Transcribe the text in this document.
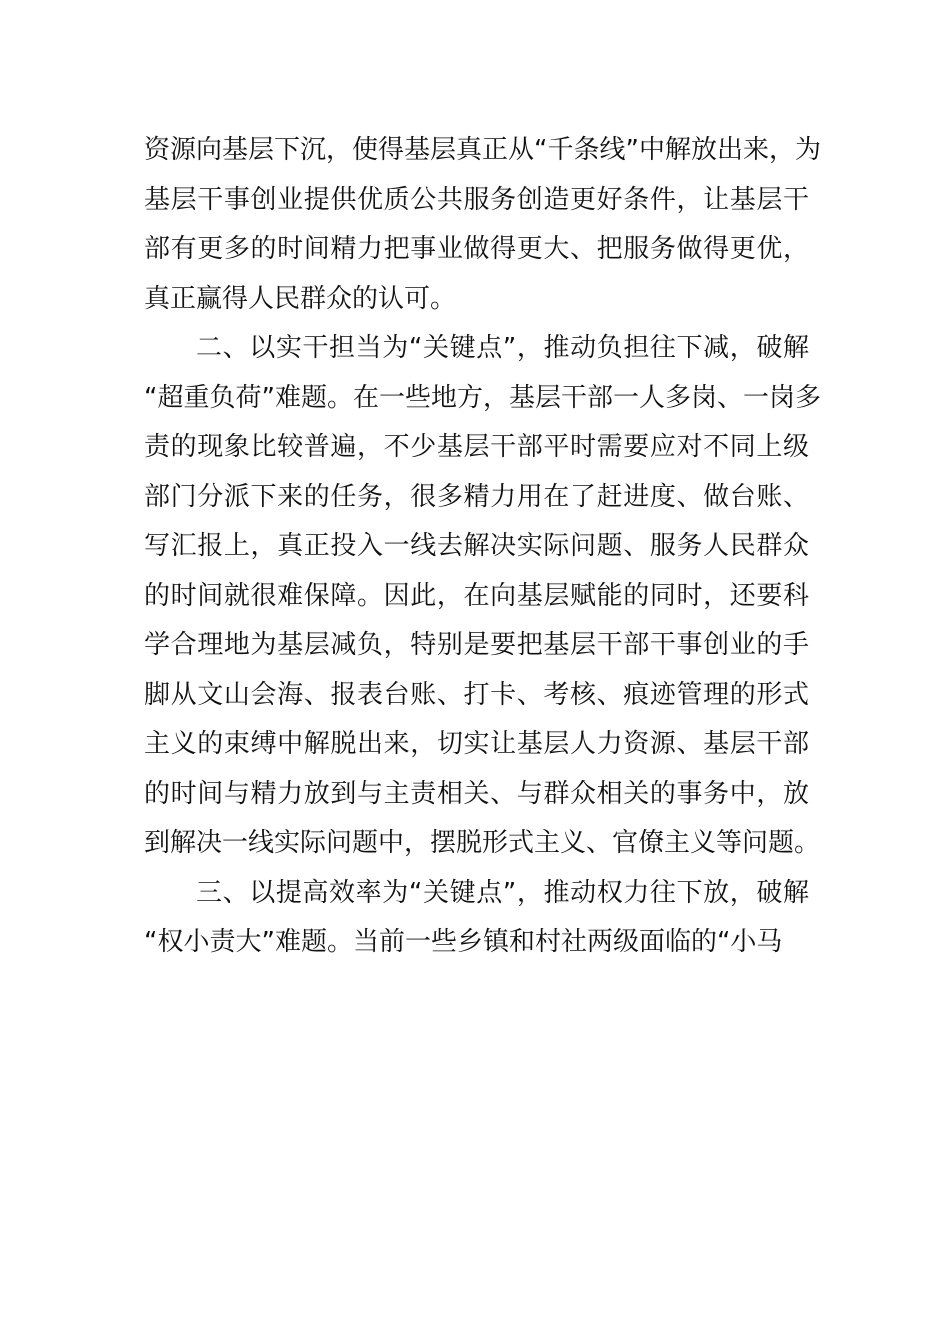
资源向基层下沉，使得基层真正从“千条线”中解放出来，为
基层干事创业提供优质公共服务创造更好条件，让基层干
部有更多的时间精力把事业做得更大、把服务做得更优，
真正赢得人民群众的认可。
二、以实干担当为“关键点”，推动负担往下减，破解
“超重负荷”难题。在一些地方，基层干部一人多岗、一岗多
责的现象比较普遍，不少基层干部平时需要应对不同上级
部门分派下来的任务，很多精力用在了赶进度、做台账、
写汇报上，真正投入一线去解决实际问题、服务人民群众
的时间就很难保障。因此，在向基层赋能的同时，还要科
学合理地为基层减负，特别是要把基层干部干事创业的手
脚从文山会海、报表台账、打卡、考核、痕迹管理的形式
主义的束缚中解脱出来，切实让基层人力资源、基层干部
的时间与精力放到与主责相关、与群众相关的事务中，放
到解决一线实际问题中，摆脱形式主义、官僚主义等问题。
三、以提高效率为“关键点”，推动权力往下放，破解
“权小责大”难题。当前一些乡镇和村社两级面临的“小马
